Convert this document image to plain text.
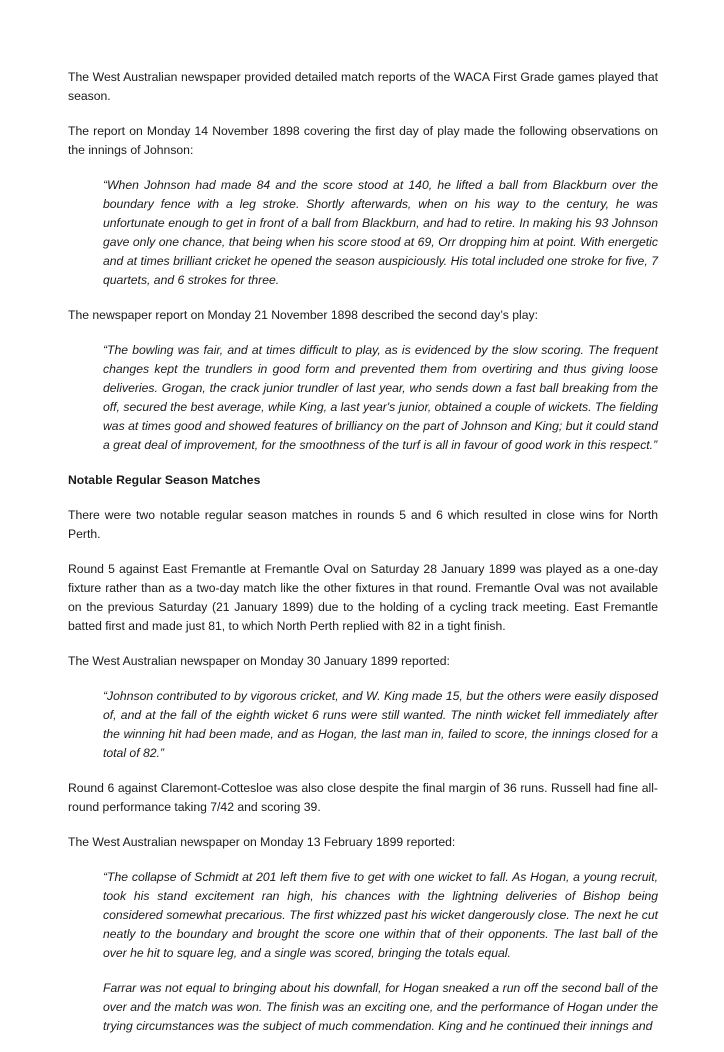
The West Australian newspaper provided detailed match reports of the WACA First Grade games played that season.

The report on Monday 14 November 1898 covering the first day of play made the following observations on the innings of Johnson:

“When Johnson had made 84 and the score stood at 140, he lifted a ball from Blackburn over the boundary fence with a leg stroke. Shortly afterwards, when on his way to the century, he was unfortunate enough to get in front of a ball from Blackburn, and had to retire. In making his 93 Johnson gave only one chance, that being when his score stood at 69, Orr dropping him at point. With energetic and at times brilliant cricket he opened the season auspiciously. His total included one stroke for five, 7 quartets, and 6 strokes for three.

The newspaper report on Monday 21 November 1898 described the second day’s play:

“The bowling was fair, and at times difficult to play, as is evidenced by the slow scoring. The frequent changes kept the trundlers in good form and prevented them from overtiring and thus giving loose deliveries. Grogan, the crack junior trundler of last year, who sends down a fast ball breaking from the off, secured the best average, while King, a last year's junior, obtained a couple of wickets. The fielding was at times good and showed features of brilliancy on the part of Johnson and King; but it could stand a great deal of improvement, for the smoothness of the turf is all in favour of good work in this respect.”

Notable Regular Season Matches

There were two notable regular season matches in rounds 5 and 6 which resulted in close wins for North Perth.

Round 5 against East Fremantle at Fremantle Oval on Saturday 28 January 1899 was played as a one-day fixture rather than as a two-day match like the other fixtures in that round. Fremantle Oval was not available on the previous Saturday (21 January 1899) due to the holding of a cycling track meeting. East Fremantle batted first and made just 81, to which North Perth replied with 82 in a tight finish.

The West Australian newspaper on Monday 30 January 1899 reported:

“Johnson contributed to by vigorous cricket, and W. King made 15, but the others were easily disposed of, and at the fall of the eighth wicket 6 runs were still wanted. The ninth wicket fell immediately after the winning hit had been made, and as Hogan, the last man in, failed to score, the innings closed for a total of 82.”

Round 6 against Claremont-Cottesloe was also close despite the final margin of 36 runs. Russell had fine all-round performance taking 7/42 and scoring 39.

The West Australian newspaper on Monday 13 February 1899 reported:

“The collapse of Schmidt at 201 left them five to get with one wicket to fall. As Hogan, a young recruit, took his stand excitement ran high, his chances with the lightning deliveries of Bishop being considered somewhat precarious. The first whizzed past his wicket dangerously close. The next he cut neatly to the boundary and brought the score one within that of their opponents. The last ball of the over he hit to square leg, and a single was scored, bringing the totals equal.

Farrar was not equal to bringing about his downfall, for Hogan sneaked a run off the second ball of the over and the match was won. The finish was an exciting one, and the performance of Hogan under the trying circumstances was the subject of much commendation. King and he continued their innings and
